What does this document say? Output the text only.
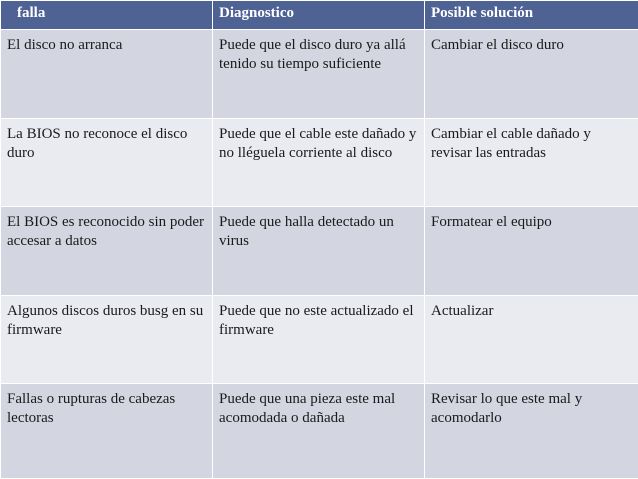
falla	Diagnostico	Posible solución
El disco no arranca	Puede que el disco duro ya allá tenido su tiempo suficiente	Cambiar el disco duro
La BIOS no reconoce el disco duro	Puede que el cable este dañado y no lléguela corriente al disco	Cambiar el cable dañado y revisar las entradas
El BIOS es reconocido sin poder accesar a datos	Puede que halla detectado un virus	Formatear el equipo
Algunos discos duros busg en su firmware	Puede que no este actualizado el firmware	Actualizar
Fallas o rupturas de cabezas lectoras	Puede que una pieza este mal acomodada o dañada	Revisar lo que este mal y acomodarlo
